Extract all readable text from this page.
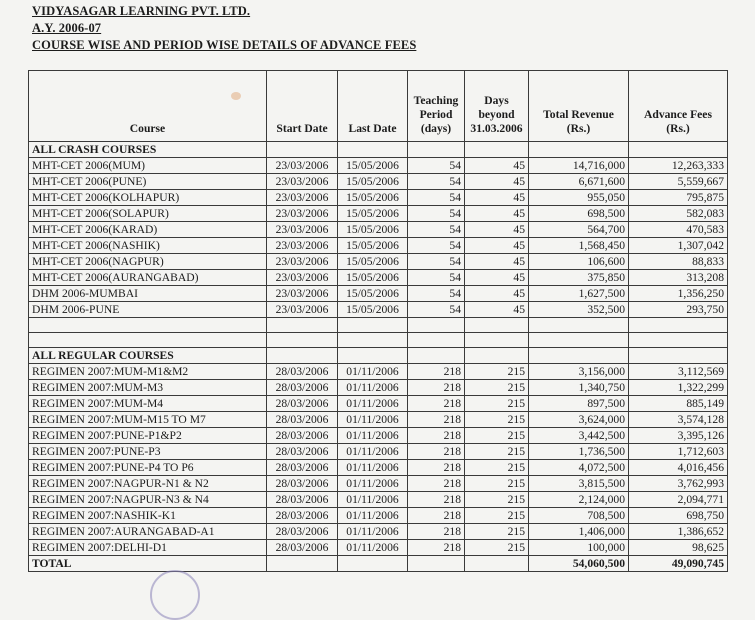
VIDYASAGAR LEARNING PVT. LTD.
A.Y. 2006-07
COURSE WISE AND PERIOD WISE DETAILS OF ADVANCE FEES
Course	Start Date	Last Date	Teaching Period (days)	Days beyond 31.03.2006	Total Revenue (Rs.)	Advance Fees (Rs.)
ALL CRASH COURSES						
MHT-CET 2006(MUM)	23/03/2006	15/05/2006	54	45	14,716,000	12,263,333
MHT-CET 2006(PUNE)	23/03/2006	15/05/2006	54	45	6,671,600	5,559,667
MHT-CET 2006(KOLHAPUR)	23/03/2006	15/05/2006	54	45	955,050	795,875
MHT-CET 2006(SOLAPUR)	23/03/2006	15/05/2006	54	45	698,500	582,083
MHT-CET 2006(KARAD)	23/03/2006	15/05/2006	54	45	564,700	470,583
MHT-CET 2006(NASHIK)	23/03/2006	15/05/2006	54	45	1,568,450	1,307,042
MHT-CET 2006(NAGPUR)	23/03/2006	15/05/2006	54	45	106,600	88,833
MHT-CET 2006(AURANGABAD)	23/03/2006	15/05/2006	54	45	375,850	313,208
DHM 2006-MUMBAI	23/03/2006	15/05/2006	54	45	1,627,500	1,356,250
DHM 2006-PUNE	23/03/2006	15/05/2006	54	45	352,500	293,750

ALL REGULAR COURSES						
REGIMEN 2007:MUM-M1&M2	28/03/2006	01/11/2006	218	215	3,156,000	3,112,569
REGIMEN 2007:MUM-M3	28/03/2006	01/11/2006	218	215	1,340,750	1,322,299
REGIMEN 2007:MUM-M4	28/03/2006	01/11/2006	218	215	897,500	885,149
REGIMEN 2007:MUM-M15 TO M7	28/03/2006	01/11/2006	218	215	3,624,000	3,574,128
REGIMEN 2007:PUNE-P1&P2	28/03/2006	01/11/2006	218	215	3,442,500	3,395,126
REGIMEN 2007:PUNE-P3	28/03/2006	01/11/2006	218	215	1,736,500	1,712,603
REGIMEN 2007:PUNE-P4 TO P6	28/03/2006	01/11/2006	218	215	4,072,500	4,016,456
REGIMEN 2007:NAGPUR-N1 & N2	28/03/2006	01/11/2006	218	215	3,815,500	3,762,993
REGIMEN 2007:NAGPUR-N3 & N4	28/03/2006	01/11/2006	218	215	2,124,000	2,094,771
REGIMEN 2007:NASHIK-K1	28/03/2006	01/11/2006	218	215	708,500	698,750
REGIMEN 2007:AURANGABAD-A1	28/03/2006	01/11/2006	218	215	1,406,000	1,386,652
REGIMEN 2007:DELHI-D1	28/03/2006	01/11/2006	218	215	100,000	98,625
TOTAL					54,060,500	49,090,745
